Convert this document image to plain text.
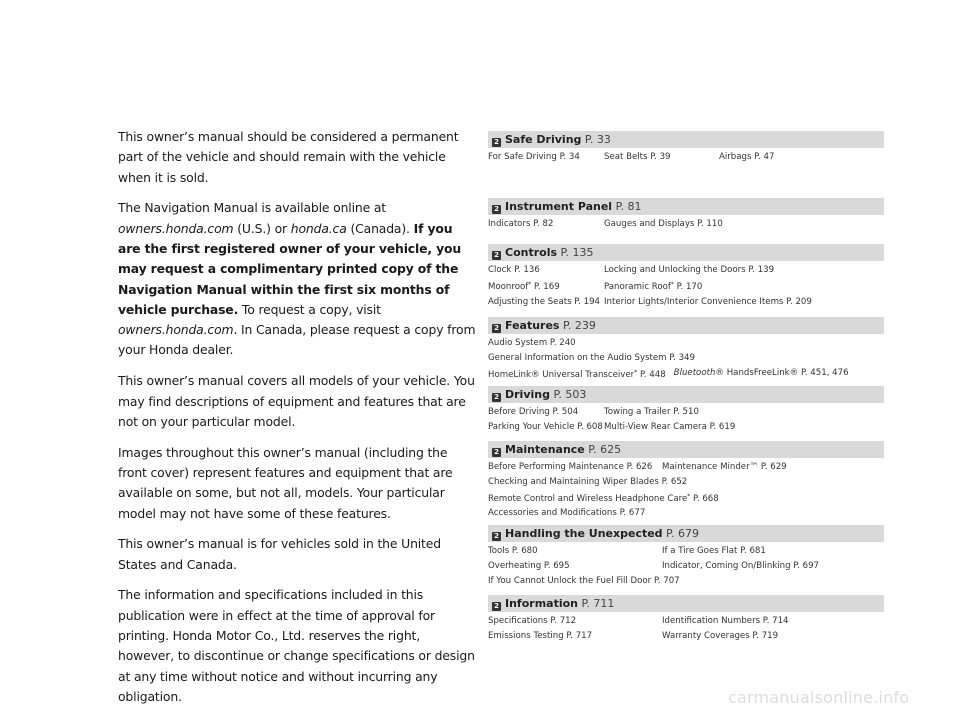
This owner’s manual should be considered a permanent part of the vehicle and should remain with the vehicle when it is sold.

The Navigation Manual is available online at owners.honda.com (U.S.) or honda.ca (Canada). If you are the first registered owner of your vehicle, you may request a complimentary printed copy of the Navigation Manual within the first six months of vehicle purchase. To request a copy, visit owners.honda.com. In Canada, please request a copy from your Honda dealer.

This owner’s manual covers all models of your vehicle. You may find descriptions of equipment and features that are not on your particular model.

Images throughout this owner’s manual (including the front cover) represent features and equipment that are available on some, but not all, models. Your particular model may not have some of these features.

This owner’s manual is for vehicles sold in the United States and Canada.

The information and specifications included in this publication were in effect at the time of approval for printing. Honda Motor Co., Ltd. reserves the right, however, to discontinue or change specifications or design at any time without notice and without incurring any obligation.

2 Safe Driving P. 33
For Safe Driving P. 34	Seat Belts P. 39	Airbags P. 47
2 Instrument Panel P. 81
Indicators P. 82	Gauges and Displays P. 110
2 Controls P. 135
Clock P. 136	Locking and Unlocking the Doors P. 139
Moonroof* P. 169	Panoramic Roof* P. 170
Adjusting the Seats P. 194 Interior Lights/Interior Convenience Items P. 209
2 Features P. 239
Audio System P. 240
General Information on the Audio System P. 349
HomeLink® Universal Transceiver* P. 448 Bluetooth® HandsFreeLink® P. 451, 476
2 Driving P. 503
Before Driving P. 504	Towing a Trailer P. 510
Parking Your Vehicle P. 608 Multi-View Rear Camera P. 619
2 Maintenance P. 625
Before Performing Maintenance P. 626	Maintenance Minder™ P. 629
Checking and Maintaining Wiper Blades P. 652
Remote Control and Wireless Headphone Care* P. 668
Accessories and Modifications P. 677
2 Handling the Unexpected P. 679
Tools P. 680	If a Tire Goes Flat P. 681
Overheating P. 695	Indicator, Coming On/Blinking P. 697
If You Cannot Unlock the Fuel Fill Door P. 707
2 Information P. 711
Specifications P. 712	Identification Numbers P. 714
Emissions Testing P. 717	Warranty Coverages P. 719
carmanualsonline.info
